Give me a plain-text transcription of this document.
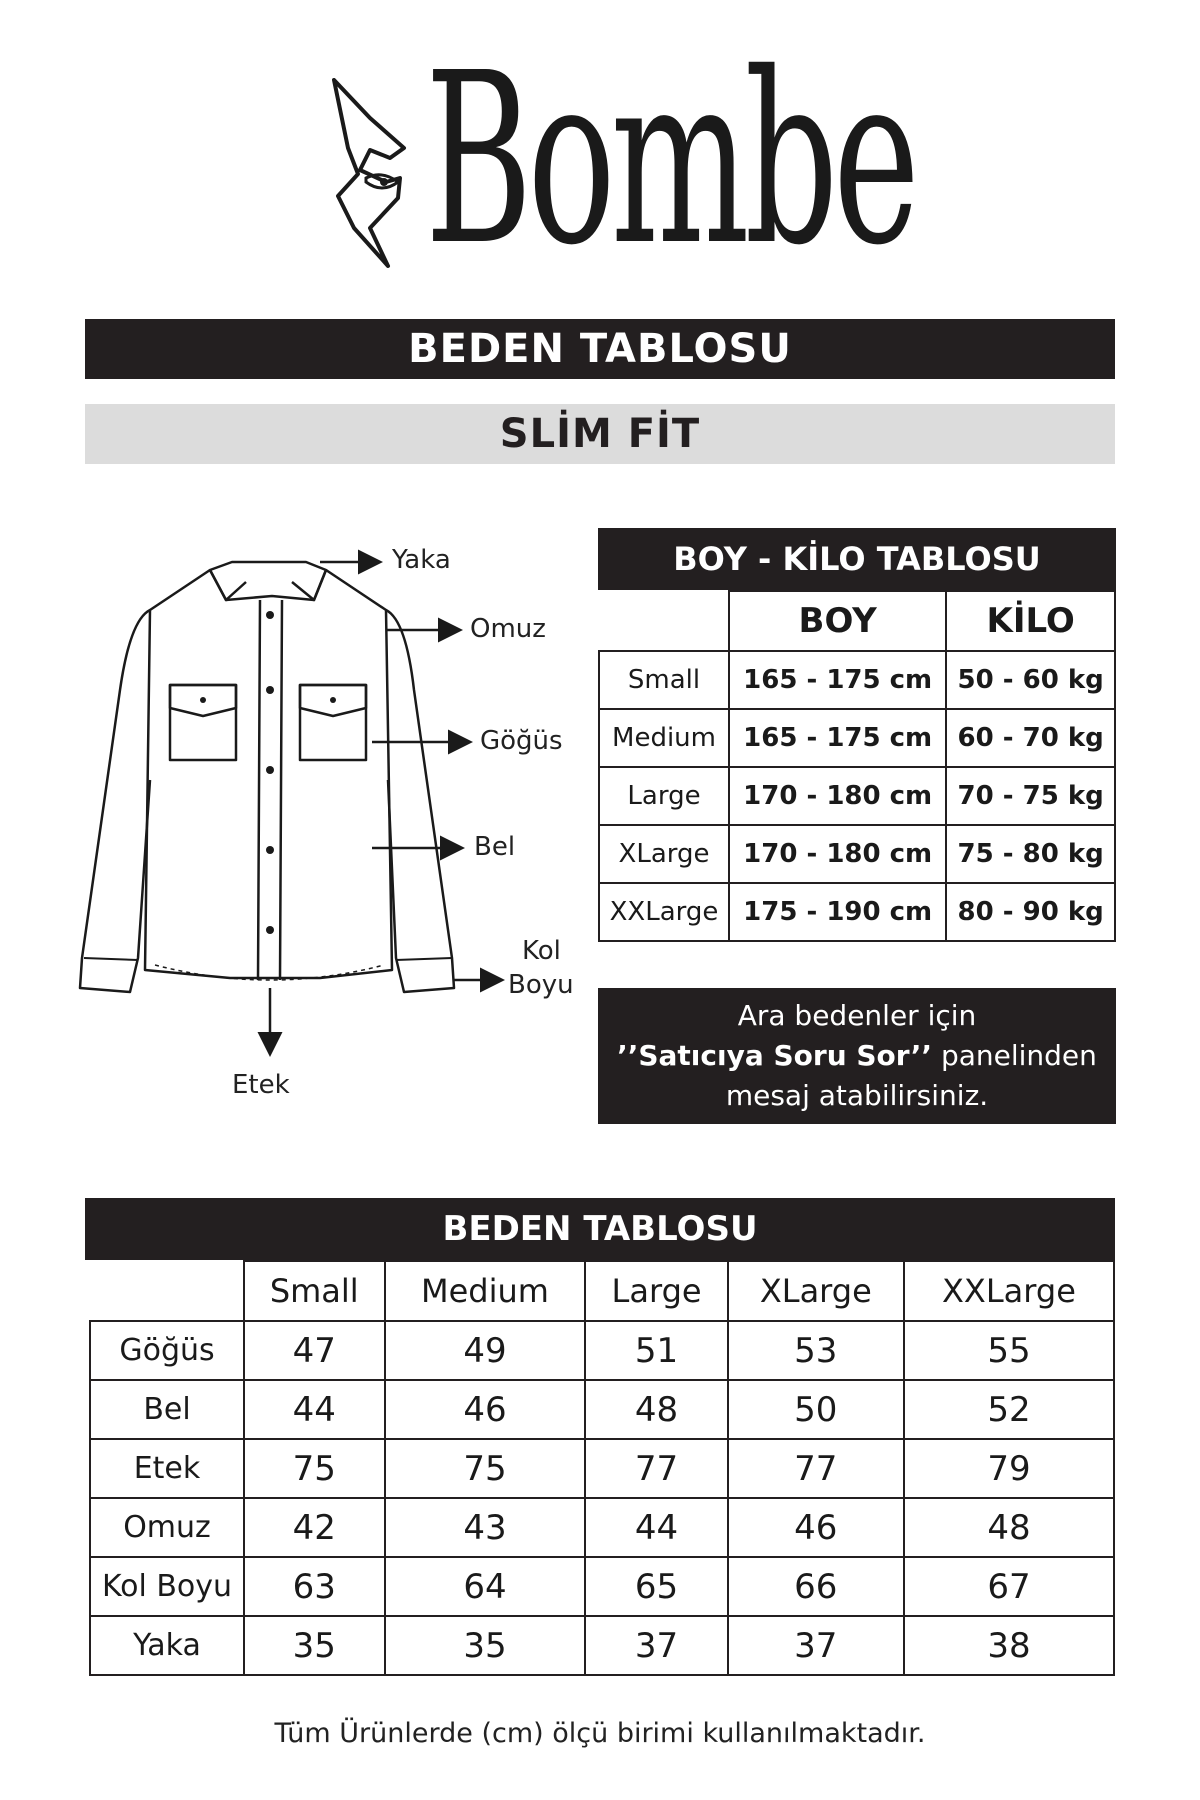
Bombe
BEDEN TABLOSU
SLİM FİT
Yaka
Omuz
Göğüs
Bel
Kol
Boyu
Etek
BOY - KİLO TABLOSU
	BOY	KİLO
Small	165 - 175 cm	50 - 60 kg
Medium	165 - 175 cm	60 - 70 kg
Large	170 - 180 cm	70 - 75 kg
XLarge	170 - 180 cm	75 - 80 kg
XXLarge	175 - 190 cm	80 - 90 kg
Ara bedenler için
’’Satıcıya Soru Sor’’ panelinden
mesaj atabilirsiniz.
BEDEN TABLOSU
	Small	Medium	Large	XLarge	XXLarge
Göğüs	47	49	51	53	55
Bel	44	46	48	50	52
Etek	75	75	77	77	79
Omuz	42	43	44	46	48
Kol Boyu	63	64	65	66	67
Yaka	35	35	37	37	38
Tüm Ürünlerde (cm) ölçü birimi kullanılmaktadır.
